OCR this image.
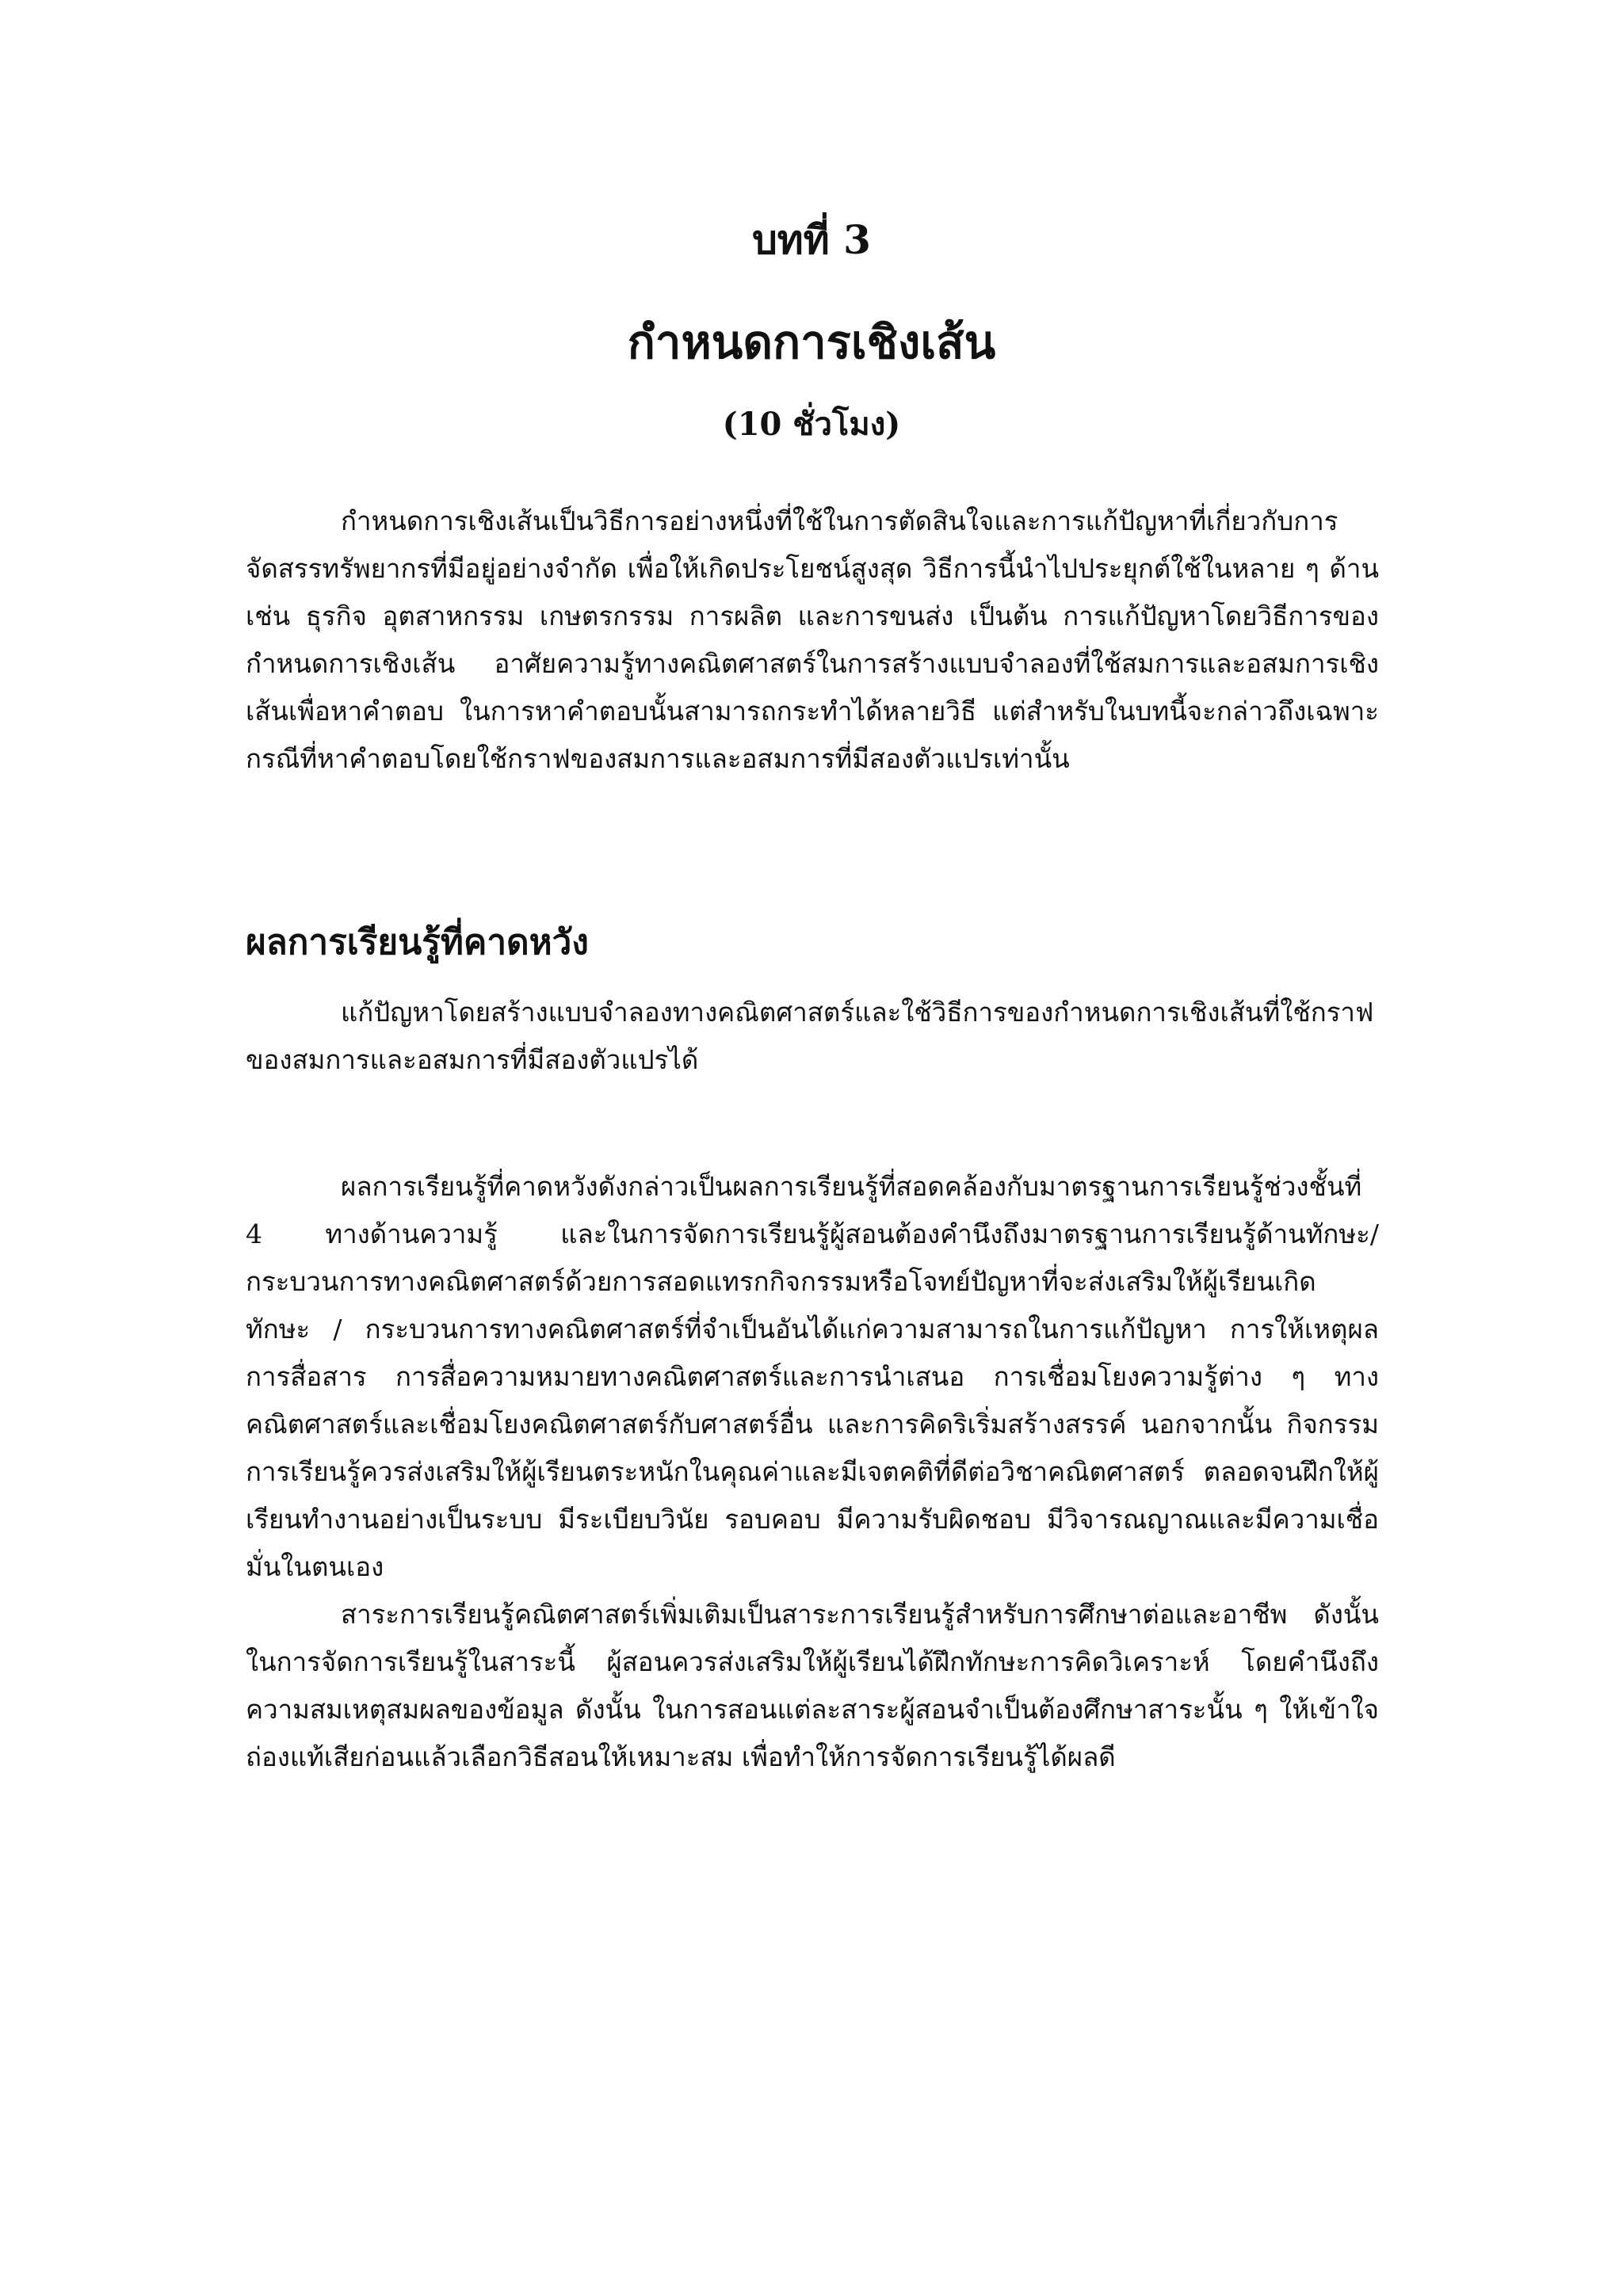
บทที่ 3
กำหนดการเชิงเส้น
(10 ชั่วโมง)

กำหนดการเชิงเส้นเป็นวิธีการอย่างหนึ่งที่ใช้ในการตัดสินใจและการแก้ปัญหาที่เกี่ยวกับการจัดสรรทรัพยากรที่มีอยู่อย่างจำกัด เพื่อให้เกิดประโยชน์สูงสุด วิธีการนี้นำไปประยุกต์ใช้ในหลาย ๆ ด้าน เช่น ธุรกิจ อุตสาหกรรม เกษตรกรรม การผลิต และการขนส่ง เป็นต้น การแก้ปัญหาโดยวิธีการของกำหนดการเชิงเส้น อาศัยความรู้ทางคณิตศาสตร์ในการสร้างแบบจำลองที่ใช้สมการและอสมการเชิงเส้นเพื่อหาคำตอบ ในการหาคำตอบนั้นสามารถกระทำได้หลายวิธี แต่สำหรับในบทนี้จะกล่าวถึงเฉพาะกรณีที่หาคำตอบโดยใช้กราฟของสมการและอสมการที่มีสองตัวแปรเท่านั้น

ผลการเรียนรู้ที่คาดหวัง

แก้ปัญหาโดยสร้างแบบจำลองทางคณิตศาสตร์และใช้วิธีการของกำหนดการเชิงเส้นที่ใช้กราฟของสมการและอสมการที่มีสองตัวแปรได้

ผลการเรียนรู้ที่คาดหวังดังกล่าวเป็นผลการเรียนรู้ที่สอดคล้องกับมาตรฐานการเรียนรู้ช่วงชั้นที่ 4 ทางด้านความรู้ และในการจัดการเรียนรู้ผู้สอนต้องคำนึงถึงมาตรฐานการเรียนรู้ด้านทักษะ/ กระบวนการทางคณิตศาสตร์ด้วยการสอดแทรกกิจกรรมหรือโจทย์ปัญหาที่จะส่งเสริมให้ผู้เรียนเกิดทักษะ / กระบวนการทางคณิตศาสตร์ที่จำเป็นอันได้แก่ความสามารถในการแก้ปัญหา การให้เหตุผล การสื่อสาร การสื่อความหมายทางคณิตศาสตร์และการนำเสนอ การเชื่อมโยงความรู้ต่าง ๆ ทางคณิตศาสตร์และเชื่อมโยงคณิตศาสตร์กับศาสตร์อื่น และการคิดริเริ่มสร้างสรรค์ นอกจากนั้น กิจกรรมการเรียนรู้ควรส่งเสริมให้ผู้เรียนตระหนักในคุณค่าและมีเจตคติที่ดีต่อวิชาคณิตศาสตร์ ตลอดจนฝึกให้ผู้เรียนทำงานอย่างเป็นระบบ มีระเบียบวินัย รอบคอบ มีความรับผิดชอบ มีวิจารณญาณและมีความเชื่อมั่นในตนเอง

สาระการเรียนรู้คณิตศาสตร์เพิ่มเติมเป็นสาระการเรียนรู้สำหรับการศึกษาต่อและอาชีพ ดังนั้นในการจัดการเรียนรู้ในสาระนี้ ผู้สอนควรส่งเสริมให้ผู้เรียนได้ฝึกทักษะการคิดวิเคราะห์ โดยคำนึงถึงความสมเหตุสมผลของข้อมูล ดังนั้น ในการสอนแต่ละสาระผู้สอนจำเป็นต้องศึกษาสาระนั้น ๆ ให้เข้าใจถ่องแท้เสียก่อนแล้วเลือกวิธีสอนให้เหมาะสม เพื่อทำให้การจัดการเรียนรู้ได้ผลดี
